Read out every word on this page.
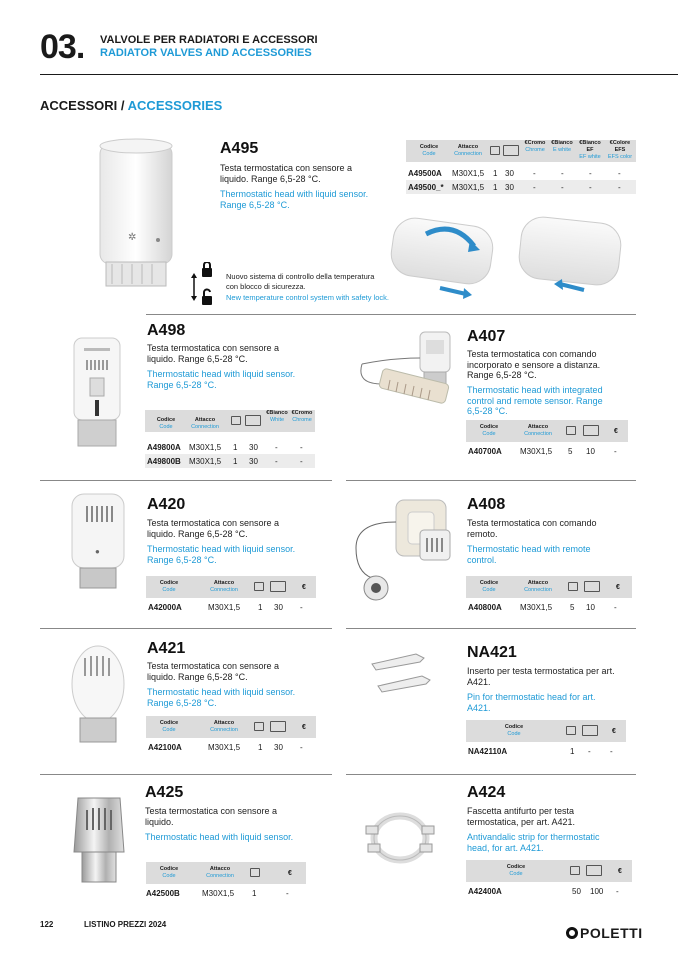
03. VALVOLE PER RADIATORI E ACCESSORI
RADIATOR VALVES AND ACCESSORIES
ACCESSORI / ACCESSORIES
✲
A495
Testa termostatica con sensore a liquido. Range 6,5-28 °C.
Thermostatic head with liquid sensor. Range 6,5-28 °C.
Codice
Code
Attacco
Connection
€Cromo
Chrome
€Bianco
E white
€Bianco EF
EF white
€Colore EFS
EFS color
A49500A M30X1,5 1 30 -	-	-	-
A49500_* M30X1,5 1 30 -	-	-	-
Nuovo sistema di controllo della temperatura con blocco di sicurezza.
New temperature control system with safety lock.
A498
Testa termostatica con sensore a liquido. Range 6,5-28 °C.
Thermostatic head with liquid sensor. Range 6,5-28 °C.
Codice
Code
Attacco
Connection
€Bianco
White
€Cromo
Chrome
A49800A M30X1,5 1 30 -	-
A49800B M30X1,5 1 30 -	-
A407
Testa termostatica con comando incorporato e sensore a distanza. Range 6,5-28 °C.
Thermostatic head with integrated control and remote sensor. Range 6,5-28 °C.
Codice
Code
Attacco
Connection	€
A40700A M30X1,5 5 10 -
●
A420
Testa termostatica con sensore a liquido. Range 6,5-28 °C.
Thermostatic head with liquid sensor. Range 6,5-28 °C.
Codice
Code
Attacco
Connection	€
A42000A	M30X1,5 1 30 -
A408
Testa termostatica con comando remoto.
Thermostatic head with remote control.
Codice
Code
Attacco
Connection	€
A40800A M30X1,5 5 10 -
A421
Testa termostatica con sensore a liquido. Range 6,5-28 °C.
Thermostatic head with liquid sensor. Range 6,5-28 °C.
Codice
Code
Attacco
Connection	€
A42100A	M30X1,5 1 30 -
NA421
Inserto per testa termostatica per art. A421.
Pin for thermostatic head for art. A421.
Codice
Code	€
NA42110A	1 - -
A425
Testa termostatica con sensore a liquido.
Thermostatic head with liquid sensor.
Codice
Code
Attacco
Connection	€
A42500B	M30X1,5 1	-
A424
Fascetta antifurto per testa termostatica, per art. A421.
Antivandalic strip for thermostatic head, for art. A421.
Codice
Code	€
A42400A	50 100 -
122	LISTINO PREZZI 2024
POLETTI
